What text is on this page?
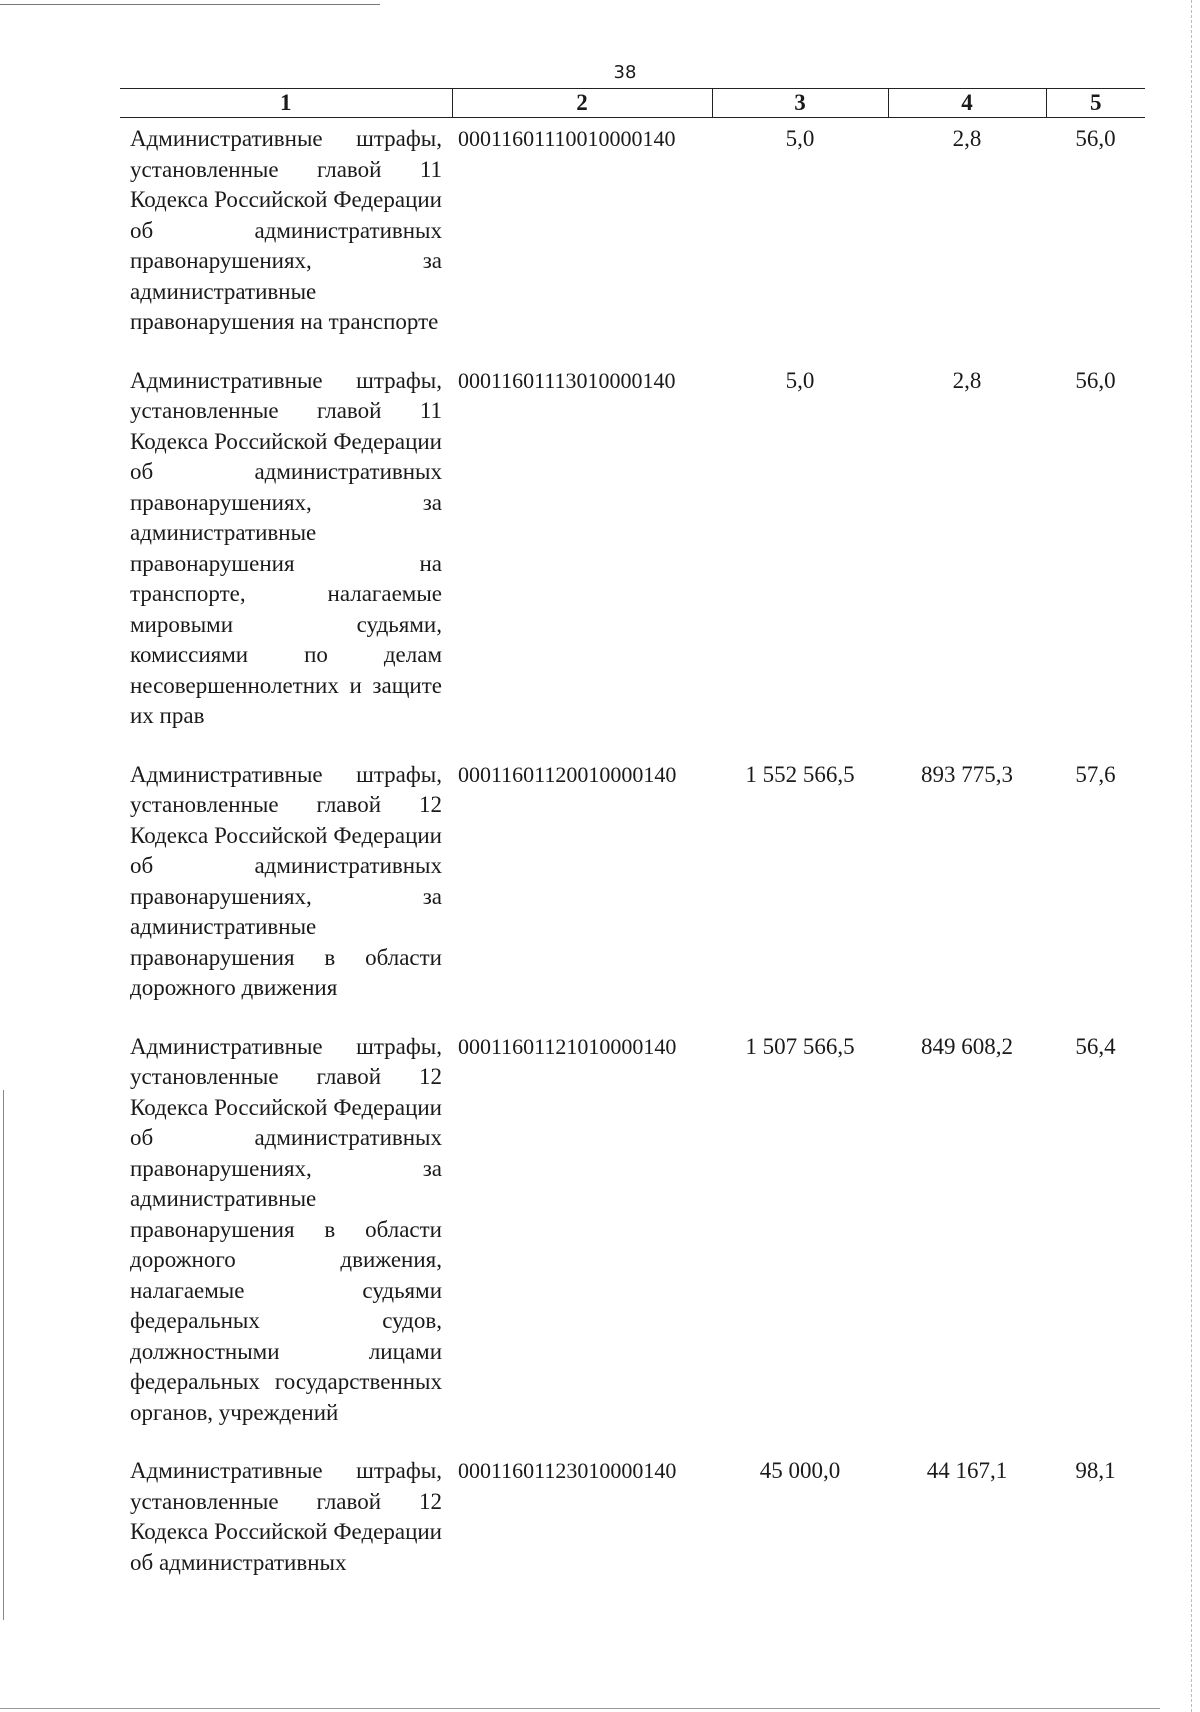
38
1	2	3	4	5
Административные штрафы, установленные главой 11 Кодекса Российской Федерации об административных правонарушениях, за административные правонарушения на транспорте	00011601110010000140	5,0	2,8	56,0
Административные штрафы, установленные главой 11 Кодекса Российской Федерации об административных правонарушениях, за административные правонарушения на транспорте, налагаемые мировыми судьями, комиссиями по делам несовершеннолетних и защите их прав	00011601113010000140	5,0	2,8	56,0
Административные штрафы, установленные главой 12 Кодекса Российской Федерации об административных правонарушениях, за административные правонарушения в области дорожного движения	00011601120010000140	1 552 566,5	893 775,3	57,6
Административные штрафы, установленные главой 12 Кодекса Российской Федерации об административных правонарушениях, за административные правонарушения в области дорожного движения, налагаемые судьями федеральных судов, должностными лицами федеральных государственных органов, учреждений	00011601121010000140	1 507 566,5	849 608,2	56,4
Административные штрафы, установленные главой 12 Кодекса Российской Федерации об административных	00011601123010000140	45 000,0	44 167,1	98,1
